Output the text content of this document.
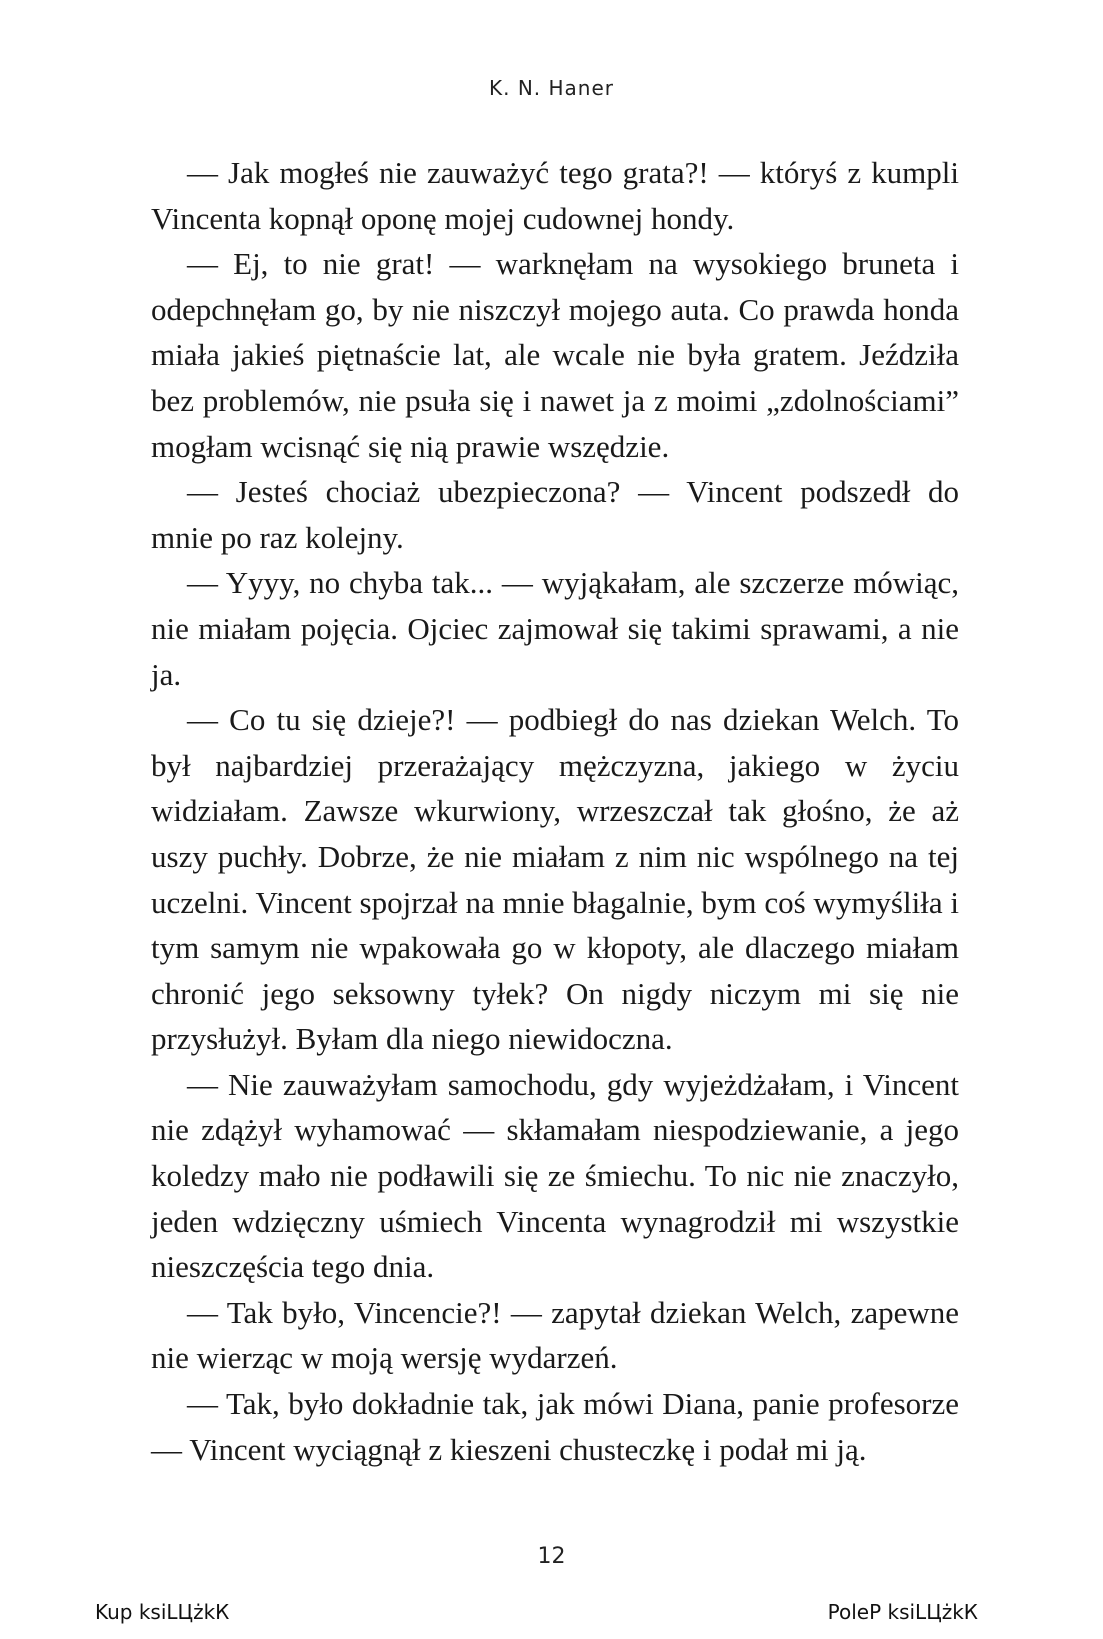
K. N. Haner

— Jak mogłeś nie zauważyć tego grata?! — któryś z kumpli Vincenta kopnął oponę mojej cudownej hondy.

— Ej, to nie grat! — warknęłam na wysokiego bruneta i odepchnęłam go, by nie niszczył mojego auta. Co prawda honda miała jakieś piętnaście lat, ale wcale nie była gratem. Jeździła bez problemów, nie psuła się i nawet ja z moimi „zdolnościami” mogłam wcisnąć się nią prawie wszędzie.

— Jesteś chociaż ubezpieczona? — Vincent podszedł do mnie po raz kolejny.

— Yyyy, no chyba tak... — wyjąkałam, ale szczerze mówiąc, nie miałam pojęcia. Ojciec zajmował się takimi sprawami, a nie ja.

— Co tu się dzieje?! — podbiegł do nas dziekan Welch. To był najbardziej przerażający mężczyzna, jakiego w życiu widziałam. Zawsze wkurwiony, wrzeszczał tak głośno, że aż uszy puchły. Dobrze, że nie miałam z nim nic wspólnego na tej uczelni. Vincent spojrzał na mnie błagalnie, bym coś wymyśliła i tym samym nie wpakowała go w kłopoty, ale dlaczego miałam chronić jego seksowny tyłek? On nigdy niczym mi się nie przysłużył. Byłam dla niego niewidoczna.

— Nie zauważyłam samochodu, gdy wyjeżdżałam, i Vincent nie zdążył wyhamować — skłamałam niespodziewanie, a jego koledzy mało nie podławili się ze śmiechu. To nic nie znaczyło, jeden wdzięczny uśmiech Vincenta wynagrodził mi wszystkie nieszczęścia tego dnia.

— Tak było, Vincencie?! — zapytał dziekan Welch, zapewne nie wierząc w moją wersję wydarzeń.

— Tak, było dokładnie tak, jak mówi Diana, panie profesorze — Vincent wyciągnął z kieszeni chusteczkę i podał mi ją.

12
Kup ksiLЦżkК	PoleР ksiLЦżkК
